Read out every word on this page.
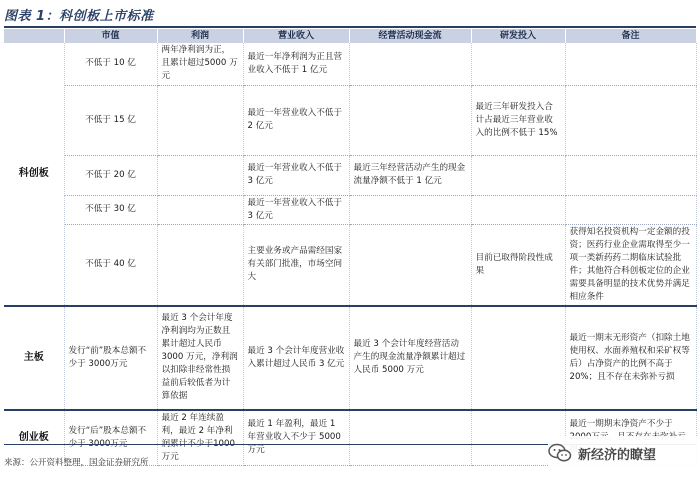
图表 1：科创板上市标准
	市值	利润	营业收入	经营活动现金流	研发投入	备注
科创板	不低于 10 亿	两年净利润为正，且累计超过5000 万元	最近一年净利润为正且营业收入不低于 1 亿元			
	不低于 15 亿		最近一年营业收入不低于 2 亿元		最近三年研发投入合计占最近三年营业收入的比例不低于 15%	
	不低于 20 亿		最近一年营业收入不低于 3 亿元	最近三年经营活动产生的现金流量净额不低于 1 亿元		
	不低于 30 亿		最近一年营业收入不低于 3 亿元			
	不低于 40 亿		主要业务或产品需经国家有关部门批准，市场空间大		目前已取得阶段性成果	获得知名投资机构一定金额的投资；医药行业企业需取得至少一项一类新药药二期临床试验批件；其他符合科创板定位的企业需要具备明显的技术优势并满足相应条件
主板	发行“前”股本总额不少于 3000万元	最近 3 个会计年度净利润均为正数且累计超过人民币 3000 万元，净利润以扣除非经常性损益前后较低者为计算依据	最近 3 个会计年度营业收入累计超过人民币 3 亿元	最近 3 个会计年度经营活动产生的现金流量净额累计超过人民币 5000 万元		最近一期末无形资产（扣除土地使用权、水面养殖权和采矿权等后）占净资产的比例不高于 20%；且不存在未弥补亏损
创业板	发行“后”股本总额不	最近 2 年连续盈利，最近 2 年净利 万元	最近 1 年盈利，最近 1 年营业收入不少于 5000 万元			最近一期期末净资产不少于
来源：公开资料整理，国金证券研究所
新经济的瞭望
